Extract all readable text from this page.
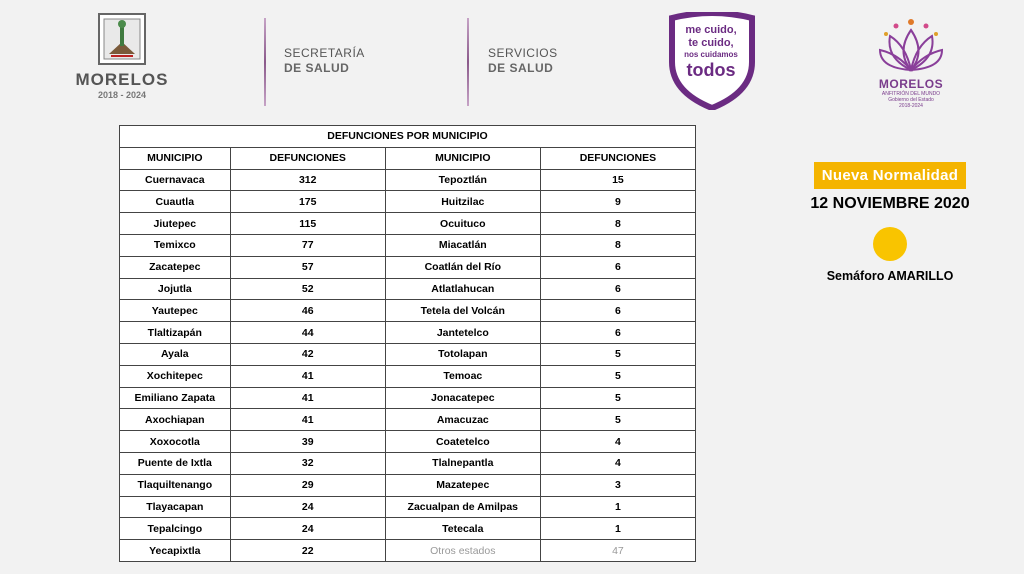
MORELOS
2018 - 2024
SECRETARÍA
DE SALUD
SERVICIOS
DE SALUD
me cuido,
te cuido,
nos cuidamos
todos
MORELOS
ANFITRIÓN DEL MUNDO
Gobierno del Estado
2018-2024
DEFUNCIONES POR MUNICIPIO			
MUNICIPIO	DEFUNCIONES	MUNICIPIO	DEFUNCIONES
Cuernavaca	312	Tepoztlán	15
Cuautla	175	Huitzilac	9
Jiutepec	115	Ocuituco	8
Temixco	77	Miacatlán	8
Zacatepec	57	Coatlán del Río	6
Jojutla	52	Atlatlahucan	6
Yautepec	46	Tetela del Volcán	6
Tlaltizapán	44	Jantetelco	6
Ayala	42	Totolapan	5
Xochitepec	41	Temoac	5
Emiliano Zapata	41	Jonacatepec	5
Axochiapan	41	Amacuzac	5
Xoxocotla	39	Coatetelco	4
Puente de Ixtla	32	Tlalnepantla	4
Tlaquiltenango	29	Mazatepec	3
Tlayacapan	24	Zacualpan de Amilpas	1
Tepalcingo	24	Tetecala	1
Yecapixtla	22	Otros estados	47
Nueva Normalidad
12 NOVIEMBRE 2020
Semáforo AMARILLO
